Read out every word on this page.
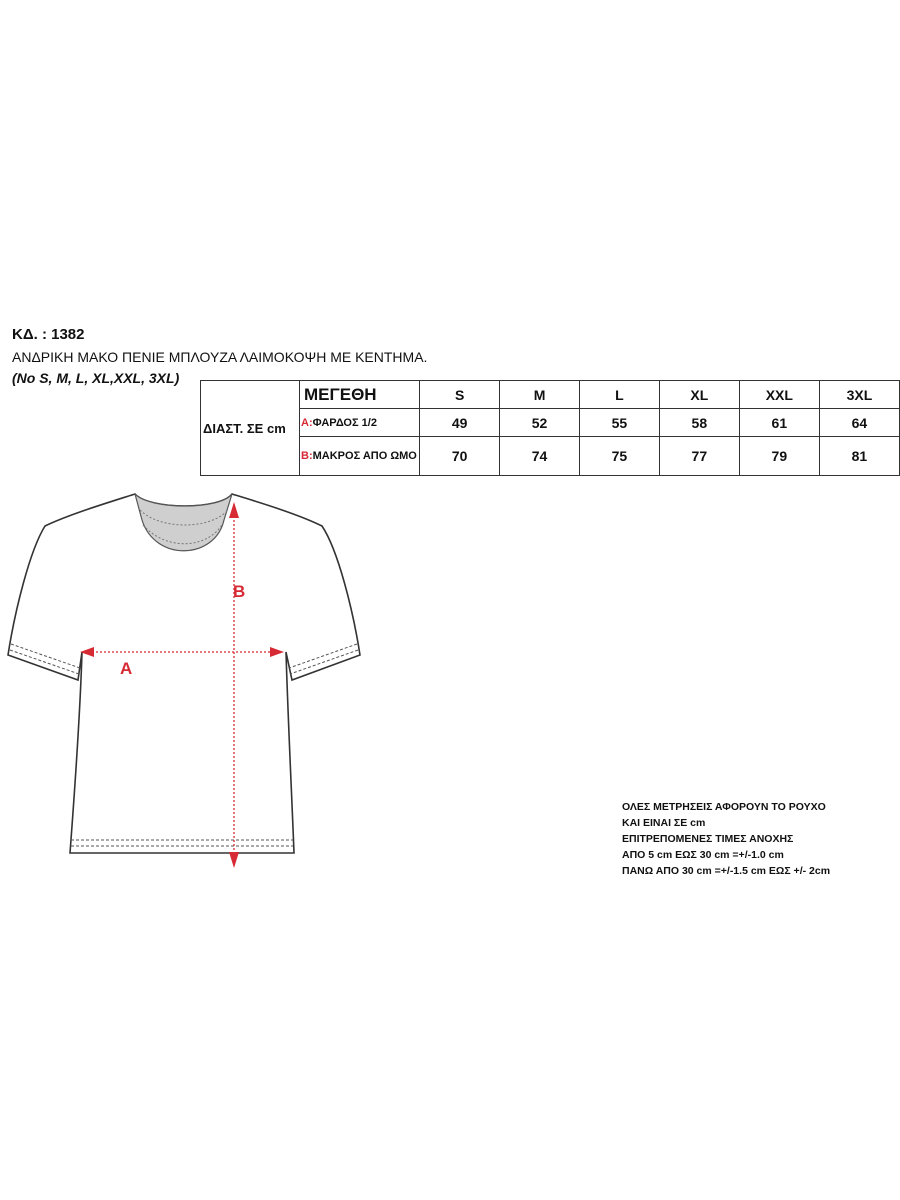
ΚΔ. : 1382
ΑΝΔΡΙΚΗ ΜΑΚΟ ΠΕΝΙΕ ΜΠΛΟΥΖΑ ΛΑΙΜΟΚΟΨΗ ΜΕ ΚΕΝΤΗΜΑ.
(No S, M, L, XL,XXL, 3XL)
ΔΙΑΣΤ. ΣΕ cm	ΜΕΓΕΘΗ	S	M	L	XL	XXL	3XL
	A:ΦΑΡΔΟΣ 1/2	49	52	55	58	61	64
	B:ΜΑΚΡΟΣ ΑΠΟ ΩΜΟ	70	74	75	77	79	81
A
B
ΟΛΕΣ ΜΕΤΡΗΣΕΙΣ ΑΦΟΡΟΥΝ ΤΟ ΡΟΥΧΟ
ΚΑΙ ΕΙΝΑΙ ΣΕ cm
ΕΠΙΤΡΕΠΟΜΕΝΕΣ ΤΙΜΕΣ ΑΝΟΧΗΣ
ΑΠΟ 5 cm ΕΩΣ 30 cm =+/-1.0 cm
ΠΑΝΩ ΑΠΟ 30 cm =+/-1.5 cm ΕΩΣ +/- 2cm
